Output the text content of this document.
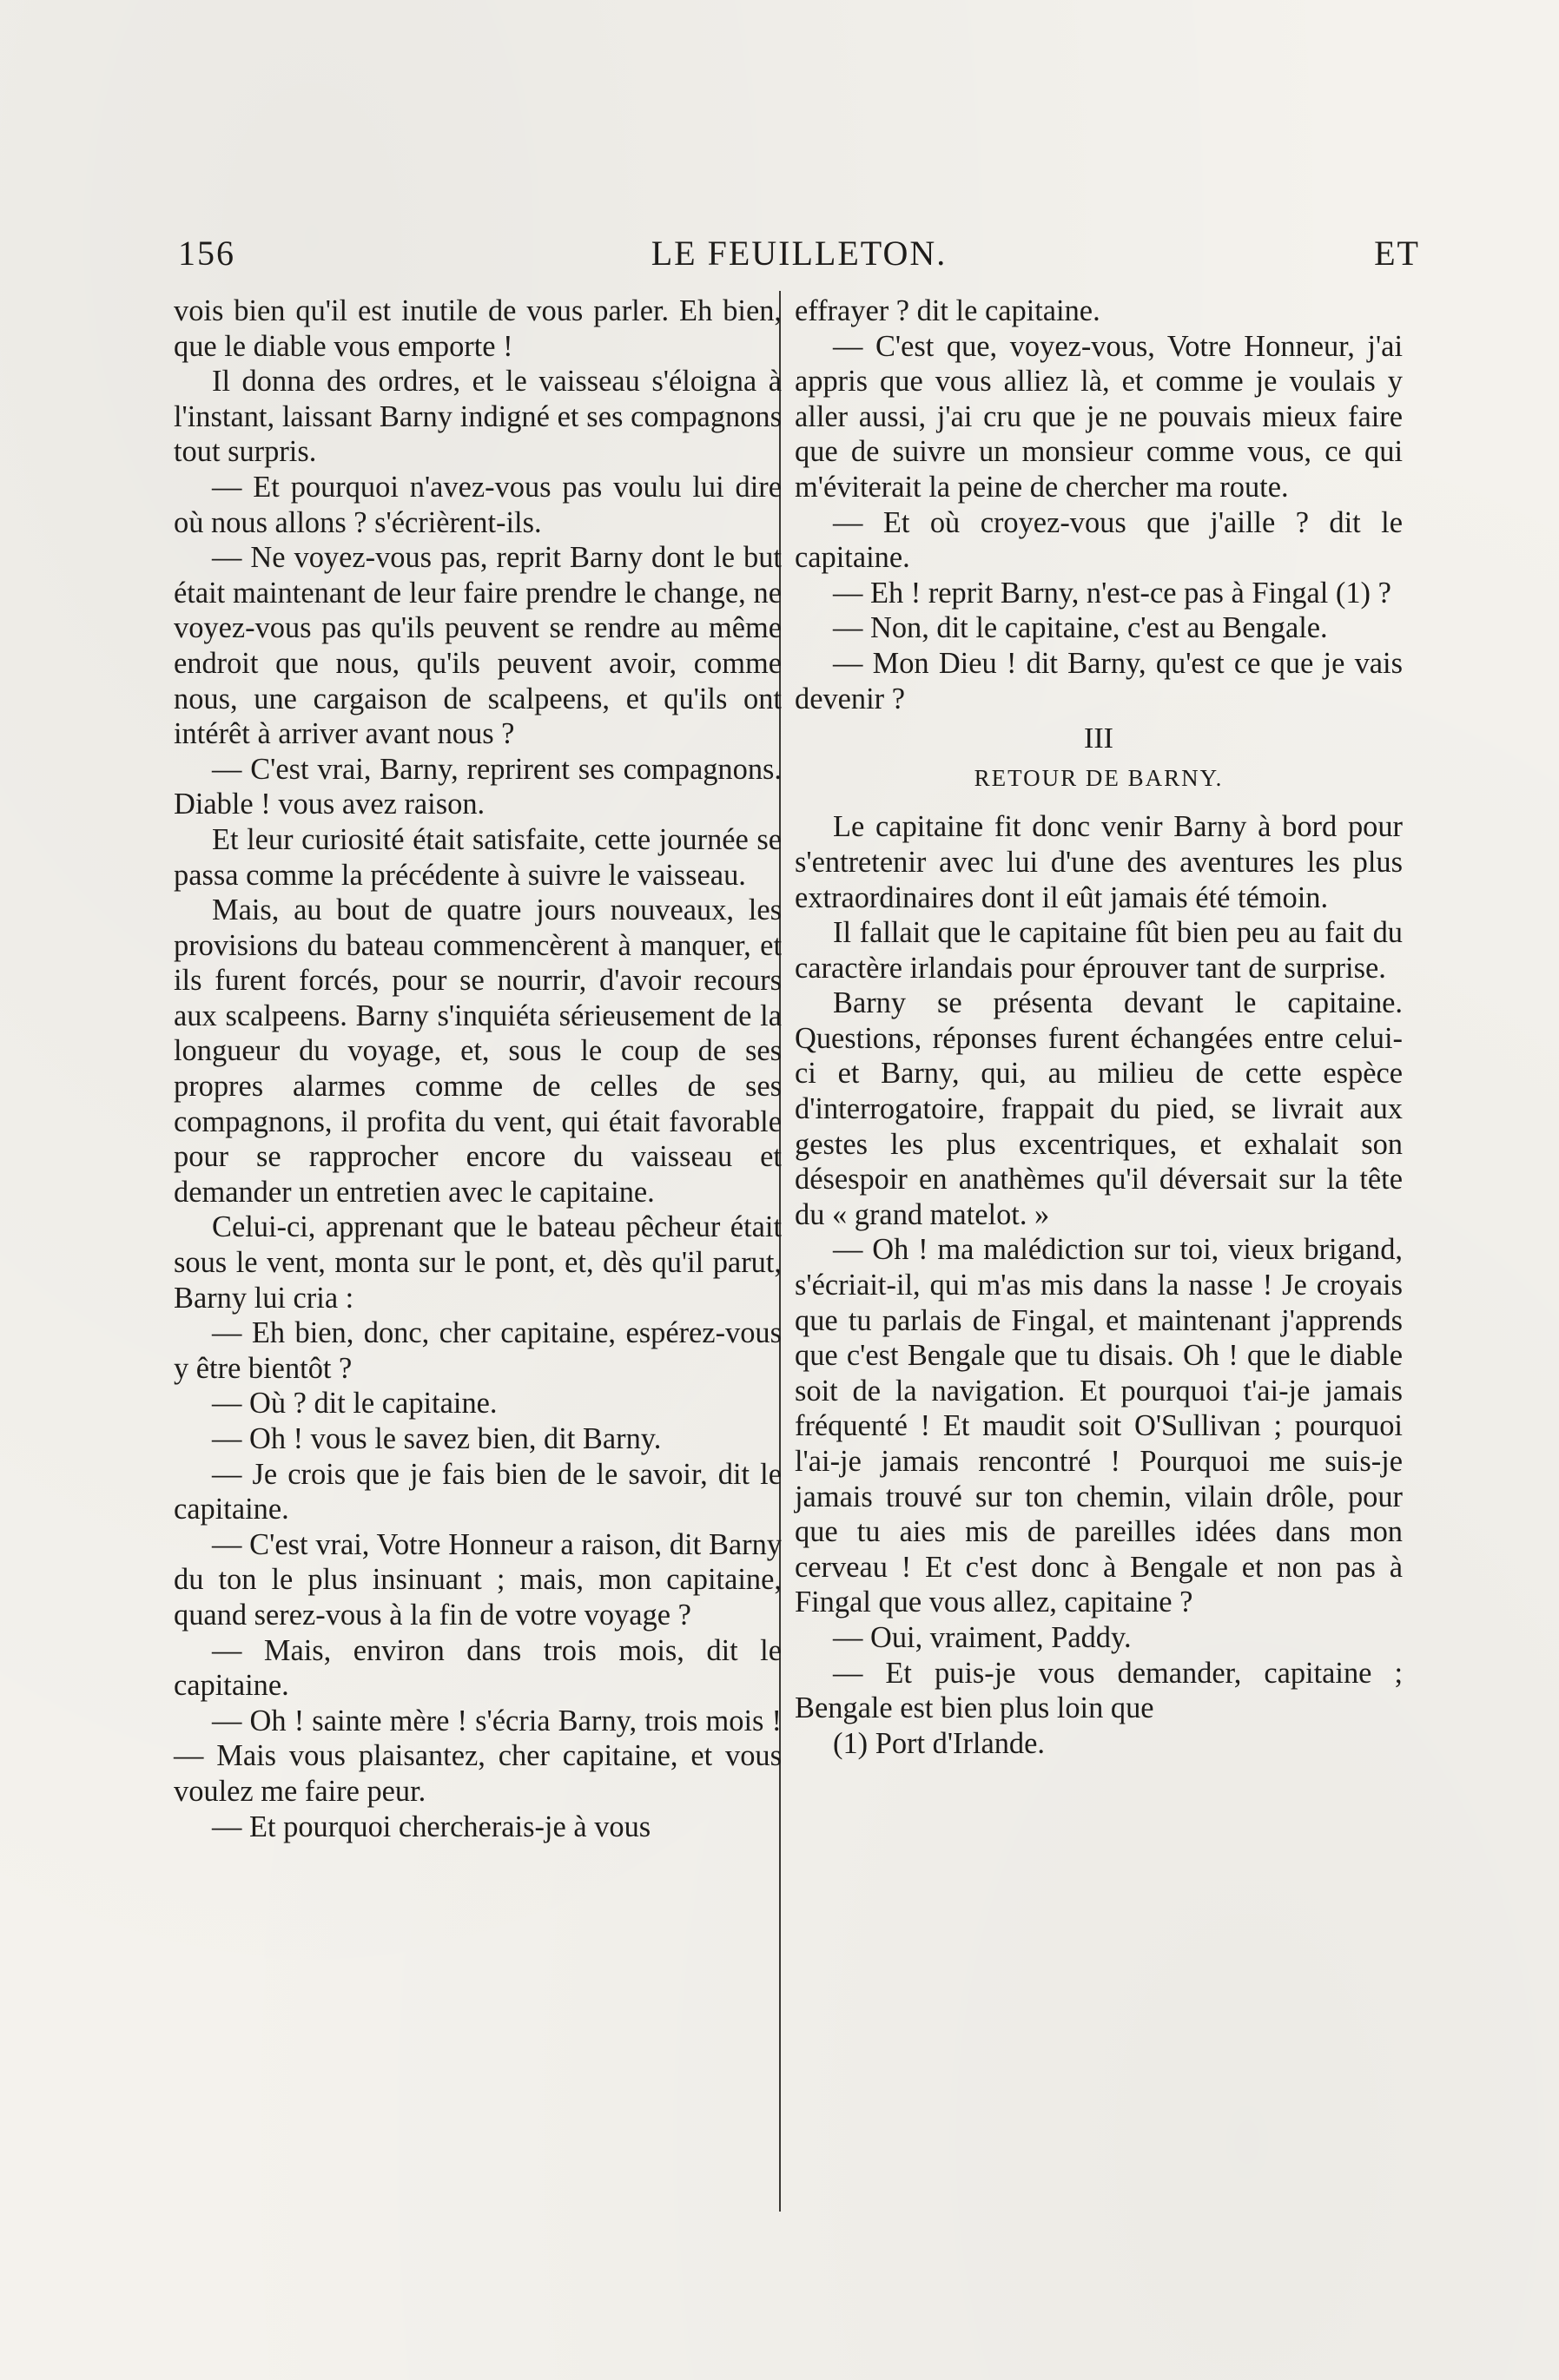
156	LE FEUILLETON.	ET

vois bien qu'il est inutile de vous parler. Eh bien, que le diable vous emporte !

Il donna des ordres, et le vaisseau s'éloigna à l'instant, laissant Barny indigné et ses compagnons tout surpris.

— Et pourquoi n'avez-vous pas voulu lui dire où nous allons ? s'écrièrent-ils.

— Ne voyez-vous pas, reprit Barny dont le but était maintenant de leur faire prendre le change, ne voyez-vous pas qu'ils peuvent se rendre au même endroit que nous, qu'ils peuvent avoir, comme nous, une cargaison de scalpeens, et qu'ils ont intérêt à arriver avant nous ?

— C'est vrai, Barny, reprirent ses compagnons. Diable ! vous avez raison.

Et leur curiosité était satisfaite, cette journée se passa comme la précédente à suivre le vaisseau.

Mais, au bout de quatre jours nouveaux, les provisions du bateau commencèrent à manquer, et ils furent forcés, pour se nourrir, d'avoir recours aux scalpeens. Barny s'inquiéta sérieusement de la longueur du voyage, et, sous le coup de ses propres alarmes comme de celles de ses compagnons, il profita du vent, qui était favorable pour se rapprocher encore du vaisseau et demander un entretien avec le capitaine.

Celui-ci, apprenant que le bateau pêcheur était sous le vent, monta sur le pont, et, dès qu'il parut, Barny lui cria :

— Eh bien, donc, cher capitaine, espérez-vous y être bientôt ?

— Où ? dit le capitaine.

— Oh ! vous le savez bien, dit Barny.

— Je crois que je fais bien de le savoir, dit le capitaine.

— C'est vrai, Votre Honneur a raison, dit Barny du ton le plus insinuant ; mais, mon capitaine, quand serez-vous à la fin de votre voyage ?

— Mais, environ dans trois mois, dit le capitaine.

— Oh ! sainte mère ! s'écria Barny, trois mois ! — Mais vous plaisantez, cher capitaine, et vous voulez me faire peur.

— Et pourquoi chercherais-je à vous

effrayer ? dit le capitaine.

— C'est que, voyez-vous, Votre Honneur, j'ai appris que vous alliez là, et comme je voulais y aller aussi, j'ai cru que je ne pouvais mieux faire que de suivre un monsieur comme vous, ce qui m'éviterait la peine de chercher ma route.

— Et où croyez-vous que j'aille ? dit le capitaine.

— Eh ! reprit Barny, n'est-ce pas à Fingal (1) ?

— Non, dit le capitaine, c'est au Bengale.

— Mon Dieu ! dit Barny, qu'est ce que je vais devenir ?

III
RETOUR DE BARNY.

Le capitaine fit donc venir Barny à bord pour s'entretenir avec lui d'une des aventures les plus extraordinaires dont il eût jamais été témoin.

Il fallait que le capitaine fût bien peu au fait du caractère irlandais pour éprouver tant de surprise.

Barny se présenta devant le capitaine. Questions, réponses furent échangées entre celui-ci et Barny, qui, au milieu de cette espèce d'interrogatoire, frappait du pied, se livrait aux gestes les plus excentriques, et exhalait son désespoir en anathèmes qu'il déversait sur la tête du « grand matelot. »

— Oh ! ma malédiction sur toi, vieux brigand, s'écriait-il, qui m'as mis dans la nasse ! Je croyais que tu parlais de Fingal, et maintenant j'apprends que c'est Bengale que tu disais. Oh ! que le diable soit de la navigation. Et pourquoi t'ai-je jamais fréquenté ! Et maudit soit O'Sullivan ; pourquoi l'ai-je jamais rencontré ! Pourquoi me suis-je jamais trouvé sur ton chemin, vilain drôle, pour que tu aies mis de pareilles idées dans mon cerveau ! Et c'est donc à Bengale et non pas à Fingal que vous allez, capitaine ?

— Oui, vraiment, Paddy.

— Et puis-je vous demander, capitaine ; Bengale est bien plus loin que

(1) Port d'Irlande.
